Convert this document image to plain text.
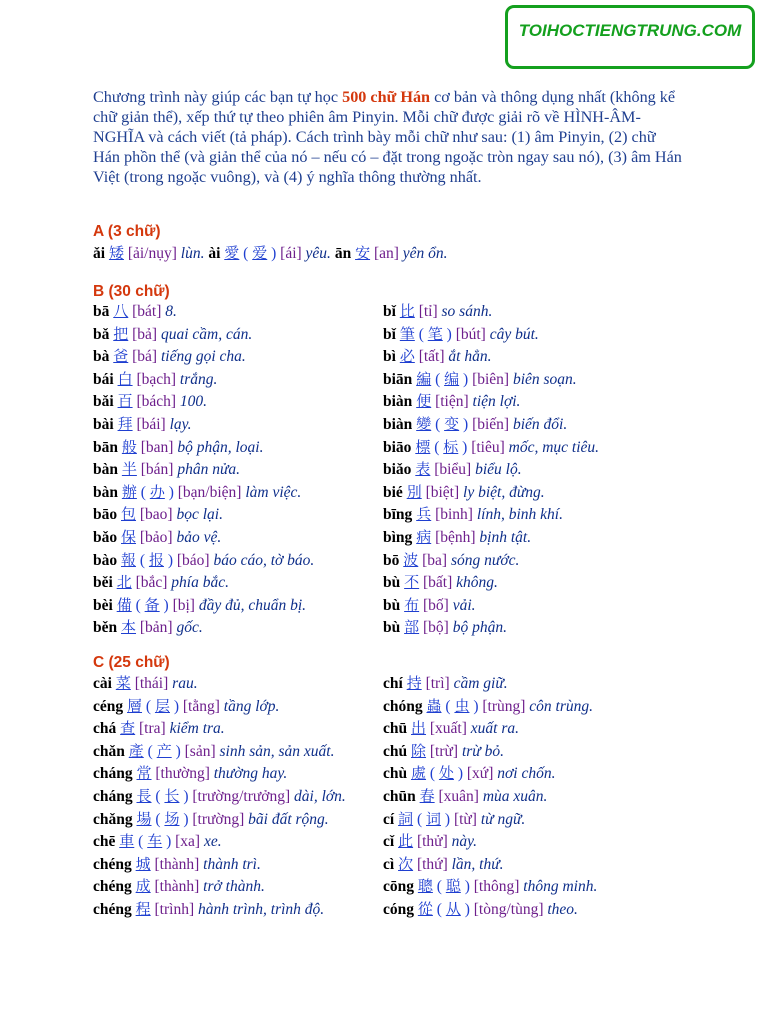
TOIHOCTIENGTRUNG.COM
Chương trình này giúp các bạn tự học 500 chữ Hán cơ bản và thông dụng nhất (không kể chữ giản thể), xếp thứ tự theo phiên âm Pinyin. Mỗi chữ được giải rõ về HÌNH-ÂM-NGHĨA và cách viết (tả pháp). Cách trình bày mỗi chữ như sau: (1) âm Pinyin, (2) chữ Hán phồn thể (và giản thể của nó – nếu có – đặt trong ngoặc tròn ngay sau nó), (3) âm Hán Việt (trong ngoặc vuông), và (4) ý nghĩa thông thường nhất.
A (3 chữ)
ǎi 矮 [ải/nụy] lùn. ài 愛 ( 爱 ) [ái] yêu. ān 安 [an] yên ổn.
B (30 chữ)
bā 八 [bát] 8.
bǎ 把 [bả] quai cầm, cán.
bà 爸 [bá] tiếng gọi cha.
bái 白 [bạch] trắng.
bǎi 百 [bách] 100.
bài 拜 [bái] lạy.
bān 般 [ban] bộ phận, loại.
bàn 半 [bán] phân nửa.
bàn 辦 ( 办 ) [bạn/biện] làm việc.
bāo 包 [bao] bọc lại.
bǎo 保 [bảo] bảo vệ.
bào 報 ( 报 ) [báo] báo cáo, tờ báo.
běi 北 [bắc] phía bắc.
bèi 備 ( 备 ) [bị] đầy đủ, chuẩn bị.
běn 本 [bản] gốc.
bǐ 比 [tỉ] so sánh.
bǐ 筆 ( 笔 ) [bút] cây bút.
bì 必 [tất] ắt hẳn.
biān 編 ( 编 ) [biên] biên soạn.
biàn 便 [tiện] tiện lợi.
biàn 變 ( 变 ) [biến] biến đổi.
biāo 標 ( 标 ) [tiêu] mốc, mục tiêu.
biǎo 表 [biểu] biểu lộ.
bié 別 [biệt] ly biệt, đừng.
bīng 兵 [binh] lính, binh khí.
bìng 病 [bệnh] bịnh tật.
bō 波 [ba] sóng nước.
bù 不 [bất] không.
bù 布 [bố] vải.
bù 部 [bộ] bộ phận.
C (25 chữ)
cài 菜 [thái] rau.
céng 層 ( 层 ) [tằng] tầng lớp.
chá 查 [tra] kiểm tra.
chǎn 產 ( 产 ) [sản] sinh sản, sản xuất.
cháng 常 [thường] thường hay.
cháng 長 ( 长 ) [trường/trưởng] dài, lớn.
chǎng 場 ( 场 ) [trường] bãi đất rộng.
chē 車 ( 车 ) [xa] xe.
chéng 城 [thành] thành trì.
chéng 成 [thành] trở thành.
chéng 程 [trình] hành trình, trình độ.
chí 持 [trì] cầm giữ.
chóng 蟲 ( 虫 ) [trùng] côn trùng.
chū 出 [xuất] xuất ra.
chú 除 [trừ] trừ bỏ.
chù 處 ( 处 ) [xứ] nơi chốn.
chūn 春 [xuân] mùa xuân.
cí 詞 ( 词 ) [từ] từ ngữ.
cǐ 此 [thử] này.
cì 次 [thứ] lần, thứ.
cōng 聰 ( 聪 ) [thông] thông minh.
cóng 從 ( 从 ) [tòng/tùng] theo.
